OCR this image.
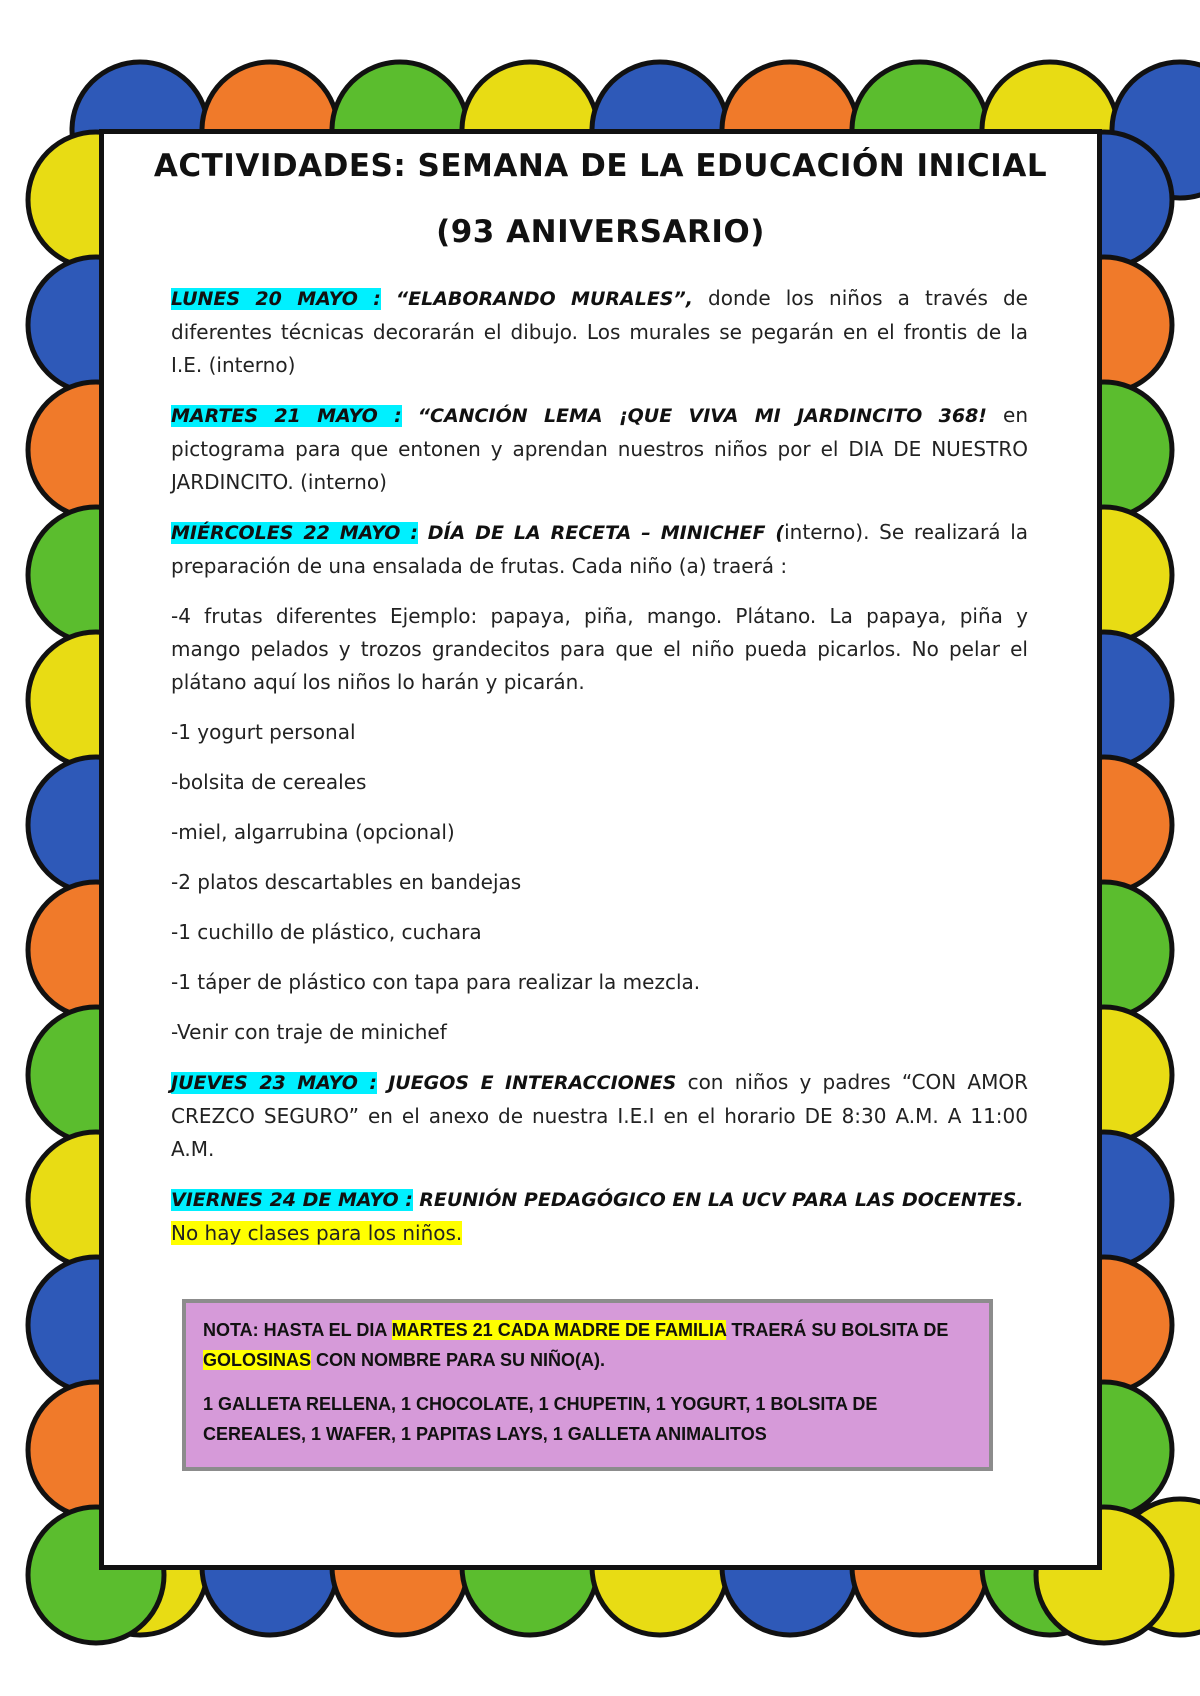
ACTIVIDADES: SEMANA DE LA EDUCACIÓN INICIAL
(93 ANIVERSARIO)

LUNES 20 MAYO : “ELABORANDO MURALES”, donde los niños a través de diferentes técnicas decorarán el dibujo. Los murales se pegarán en el frontis de la I.E. (interno)

MARTES 21 MAYO : “CANCIÓN LEMA ¡QUE VIVA MI JARDINCITO 368! en pictograma para que entonen y aprendan nuestros niños por el DIA DE NUESTRO JARDINCITO. (interno)

MIÉRCOLES 22 MAYO : DÍA DE LA RECETA – MINICHEF (interno). Se realizará la preparación de una ensalada de frutas. Cada niño (a) traerá :

-4 frutas diferentes Ejemplo: papaya, piña, mango. Plátano. La papaya, piña y mango pelados y trozos grandecitos para que el niño pueda picarlos. No pelar el plátano aquí los niños lo harán y picarán.

-1 yogurt personal

-bolsita de cereales

-miel, algarrubina (opcional)

-2 platos descartables en bandejas

-1 cuchillo de plástico, cuchara

-1 táper de plástico con tapa para realizar la mezcla.

-Venir con traje de minichef

JUEVES 23 MAYO : JUEGOS E INTERACCIONES con niños y padres “CON AMOR CREZCO SEGURO” en el anexo de nuestra I.E.I en el horario DE 8:30 A.M. A 11:00 A.M.

VIERNES 24 DE MAYO : REUNIÓN PEDAGÓGICO EN LA UCV PARA LAS DOCENTES.
No hay clases para los niños.

NOTA: HASTA EL DIA MARTES 21 CADA MADRE DE FAMILIA TRAERÁ SU BOLSITA DE GOLOSINAS CON NOMBRE PARA SU NIÑO(A).

1 GALLETA RELLENA, 1 CHOCOLATE, 1 CHUPETIN, 1 YOGURT, 1 BOLSITA DE CEREALES, 1 WAFER, 1 PAPITAS LAYS, 1 GALLETA ANIMALITOS
